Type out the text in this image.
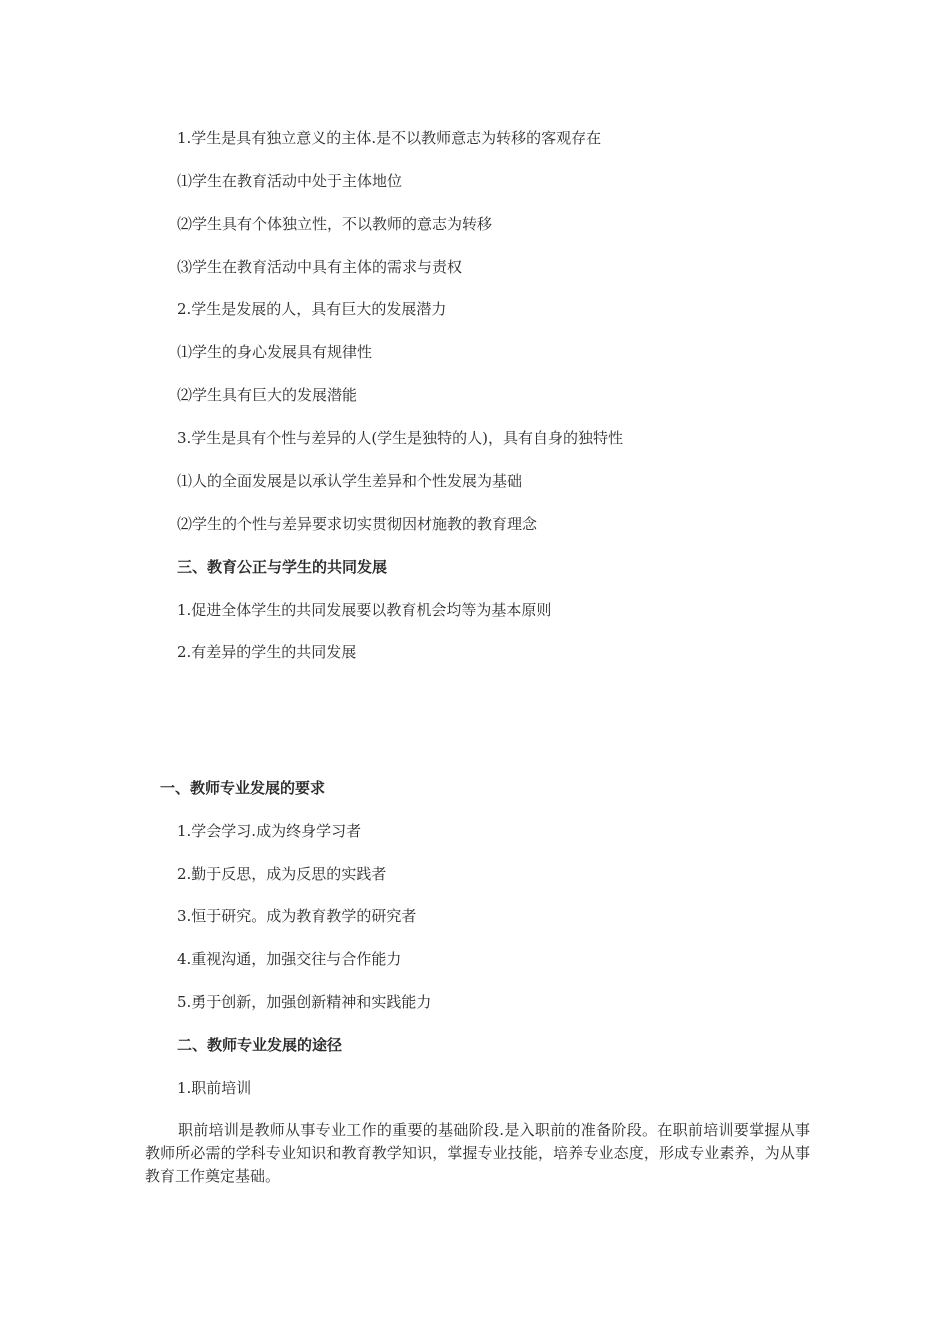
1.学生是具有独立意义的主体.是不以教师意志为转移的客观存在
⑴学生在教育活动中处于主体地位
⑵学生具有个体独立性，不以教师的意志为转移
⑶学生在教育活动中具有主体的需求与责权
2.学生是发展的人，具有巨大的发展潜力
⑴学生的身心发展具有规律性
⑵学生具有巨大的发展潜能
3.学生是具有个性与差异的人(学生是独特的人)，具有自身的独特性
⑴人的全面发展是以承认学生差异和个性发展为基础
⑵学生的个性与差异要求切实贯彻因材施教的教育理念
三、教育公正与学生的共同发展
1.促进全体学生的共同发展要以教育机会均等为基本原则
2.有差异的学生的共同发展
一、教师专业发展的要求
1.学会学习.成为终身学习者
2.勤于反思，成为反思的实践者
3.恒于研究。成为教育教学的研究者
4.重视沟通，加强交往与合作能力
5.勇于创新，加强创新精神和实践能力
二、教师专业发展的途径
1.职前培训
职前培训是教师从事专业工作的重要的基础阶段.是入职前的准备阶段。在职前培训要掌握从事教师所必需的学科专业知识和教育教学知识，掌握专业技能，培养专业态度，形成专业素养，为从事教育工作奠定基础。
